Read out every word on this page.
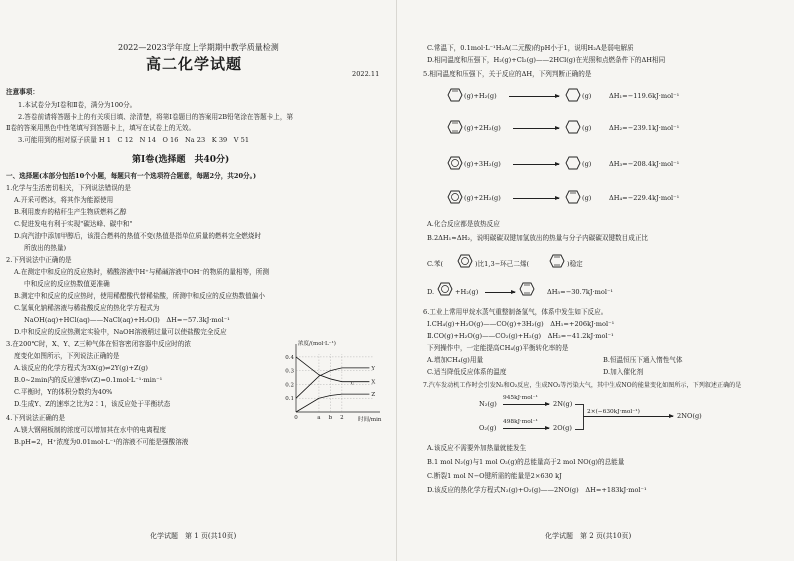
2022—2023学年度上学期期中教学质量检测
高二化学试题
2022.11
注意事项：
1.本试卷分为Ⅰ卷和Ⅱ卷，满分为100分。
2.答卷前请将答题卡上的有关项目填、涂清楚，将第Ⅰ卷题目的答案用2B铅笔涂在答题卡上，第
Ⅱ卷的答案用黑色中性笔填写到答题卡上，填写在试卷上的无效。
3.可能用到的相对原子质量 H 1　C 12　N 14　O 16　Na 23　K 39　V 51
第Ⅰ卷(选择题　共40分)
一、选择题(本部分包括10个小题，每题只有一个选项符合题意，每题2分，共20分。)
1.化学与生活密切相关，下列说法错误的是
A.开采可燃冰，将其作为能源使用
B.利用废弃的秸秆生产生物质燃料乙醇
C.促进发电有利于实现"碳达峰、碳中和"
D.向汽油中添加甲醇后，该混合燃料的热值不变(热值是指单位质量的燃料完全燃烧时
所放出的热量)
2.下列说法中正确的是
A.在测定中和反应的反应热时，稀酸溶液中H⁺与稀碱溶液中OH⁻的物质的量相等，所测
中和反应的反应热数值更准确
B.测定中和反应的反应热时，使用稀醋酸代替稀盐酸，所测中和反应的反应热数值偏小
C.氢氧化钠稀溶液与稀盐酸反应的热化学方程式为
NaOH(aq)+HCl(aq)——NaCl(aq)+H₂O(l)　ΔH=−57.3kJ·mol⁻¹
D.中和反应的反应热测定实验中，NaOH溶液稍过量可以使盐酸完全反应
3.在200℃时，X、Y、Z三种气体在恒容密闭容器中反应时的浓
度变化如图所示，下列说法正确的是
A.该反应的化学方程式为3X(g)⇌2Y(g)+Z(g)
B.0~2min内的反应速率v(Z)=0.1mol·L⁻¹·min⁻¹
C.平衡时，Y的体积分数约为40%
D.生成Y、Z的速率之比为2∶1，该反应处于平衡状态
浓度/(mol·L⁻¹)
时间/min
0.4
0.3
0.2
0.1
0	a b 2
Y
X
Z
c
4.下列说法正确的是
A.镁大钢闸板制的浓度可以增加其在水中的电离程度
B.pH=2，H⁺浓度为0.01mol·L⁻¹的溶液不可能是强酸溶液
化学试题　第 1 页(共10页)
C.常温下，0.1mol·L⁻¹H₂A(二元酸)的pH小于1，说明H₂A是弱电解质
D.相同温度和压强下，H₂(g)+Cl₂(g)——2HCl(g)在光照和点燃条件下的ΔH相同
5.相同温度和压强下，关于反应的ΔH，下列判断正确的是
(g)+H₂(g)	(g)	ΔH₁=−119.6kJ·mol⁻¹
(g)+2H₂(g)	(g)	ΔH₂=−239.1kJ·mol⁻¹
(g)+3H₂(g)	(g)	ΔH₃=−208.4kJ·mol⁻¹
(g)+2H₂(g)	(g)	ΔH₄=−229.4kJ·mol⁻¹
A.化合反应都是放热反应
B.2ΔH₁≈ΔH₂，说明碳碳双键加氢放出的热量与分子内碳碳双键数目成正比
C.苯(	)比1,3−环己二烯(	)稳定
D.	+H₂(g)	ΔH₅=−30.7kJ·mol⁻¹
6.工业上常用甲烷水蒸气重整制备氢气，体系中发生如下反应。
Ⅰ.CH₄(g)+H₂O(g)——CO(g)+3H₂(g)　ΔH₁=+206kJ·mol⁻¹
Ⅱ.CO(g)+H₂O(g)——CO₂(g)+H₂(g)　ΔH₂=−41.2kJ·mol⁻¹
下列操作中，一定能提高CH₄(g)平衡转化率的是
A.增加CH₄(g)用量	B.恒温恒压下通入惰性气体
C.适当降低反应体系的温度	D.加入催化剂
7.汽车发动机工作时会引发N₂和O₂反应，生成NO₂等污染大气，其中生成NO的能量变化如图所示，下列叙述正确的是
N₂(g)
O₂(g)
945kJ·mol⁻¹
498kJ·mol⁻¹
2N(g)
2O(g)
2×(−630kJ·mol⁻¹)	2NO(g)
A.该反应不需要外加热量就能发生
B.1 mol N₂(g)与1 mol O₂(g)的总能量高于2 mol NO(g)的总能量
C.断裂1 mol N−O键所需的能量是2×630 kJ
D.该反应的热化学方程式N₂(g)+O₂(g)——2NO(g)　ΔH=+183kJ·mol⁻¹
化学试题　第 2 页(共10页)
